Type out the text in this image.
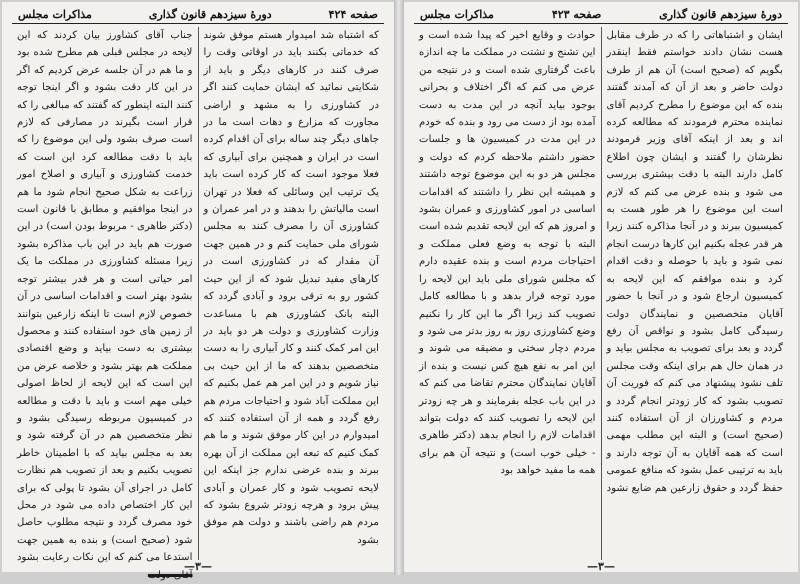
صفحه ۴۲۴
دورهٔ سیزدهم قانون گذاری
مذاکرات مجلس
که اشتباه شد امیدوار هستم موفق شوند که خدماتی بکنند باید در اوقاتی وقت را صرف کنند در کارهای دیگر و باید از شکایتی نمائید که ایشان حمایت کنند اگر در کشاورزی را به مشهد و اراضی مجاورت که مزارع و دهات است ما در جاهای دیگر چند ساله برای آن اقدام کرده است در ایران و همچنین برای آبیاری که فعلا موجود است که کار کرده است باید یک ترتیب این وسائلی که فعلا در تهران است مالیاتش را بدهند و در امر عمران و کشاورزی آن را مصرف کنند به مجلس شورای ملی حمایت کنم و در همین جهت آن مقدار که در کشاورزی است در کارهای مفید تبدیل شود که از این حیث کشور رو به ترقی برود و آبادی گردد که البته بانک کشاورزی هم با مساعدت وزارت کشاورزی و دولت هر دو باید در این امر کمک کنند و کار آبیاری را به دست متخصصین بدهند که ما از این حیث بی نیاز شویم و در این امر هم عمل بکنیم که این مملکت آباد شود و احتیاجات مردم هم رفع گردد و همه از آن استفاده کنند که امیدوارم در این کار موفق شوند و ما هم کمک کنیم که تبعه این مملکت از آن بهره ببرند و بنده عرضی ندارم جز اینکه این لایحه تصویب شود و کار عمران و آبادی پیش برود و هرچه زودتر شروع بشود که مردم هم راضی باشند و دولت هم موفق بشود
جناب آقای کشاورز بیان کردند که این لایحه در مجلس قبلی هم مطرح شده بود و ما هم در آن جلسه عرض کردیم که اگر در این کار دقت بشود و اگر اینجا توجه کنند البته اینطور که گفتند که مبالغی را که قرار است بگیرند در مصارفی که لازم است صرف بشود ولی این موضوع را که باید با دقت مطالعه کرد این است که خدمت کشاورزی و آبیاری و اصلاح امور زراعت به شکل صحیح انجام شود ما هم در اینجا موافقیم و مطابق با قانون است (دکتر طاهری - مربوط بودن است) در این صورت هم باید در این باب مذاکره بشود زیرا مسئله کشاورزی در مملکت ما یک امر حیاتی است و هر قدر بیشتر توجه بشود بهتر است و اقدامات اساسی در آن خصوص لازم است تا اینکه زارعین بتوانند از زمین های خود استفاده کنند و محصول بیشتری به دست بیاید و وضع اقتصادی مملکت هم بهتر بشود و خلاصه عرض من این است که این لایحه از لحاظ اصولی خیلی مهم است و باید با دقت و مطالعه در کمیسیون مربوطه رسیدگی بشود و نظر متخصصین هم در آن گرفته شود و بعد به مجلس بیاید که با اطمینان خاطر تصویب بکنیم و بعد از تصویب هم نظارت کامل در اجرای آن بشود تا پولی که برای این کار اختصاص داده می شود در محل خود مصرف گردد و نتیجه مطلوب حاصل شود (صحیح است) و بنده به همین جهت استدعا می کنم که این نکات رعایت بشود آقای دولت
—٣—
دورهٔ سیزدهم قانون گذاری
صفحه ۴۲۳
مذاکرات مجلس
ایشان و اشتباهاتی را که در طرف مقابل هست نشان دادند خواستم فقط اینقدر بگویم که (صحیح است) آن هم از طرف دولت حاضر و بعد از آن که آمدند گفتند بنده که این موضوع را مطرح کردیم آقای نماینده محترم فرمودند که مطالعه کرده اند و بعد از اینکه آقای وزیر فرمودند نظرشان را گفتند و ایشان چون اطلاع کامل دارند البته با دقت بیشتری بررسی می شود و بنده عرض می کنم که لازم است این موضوع را هر طور هست به کمیسیون ببرند و در آنجا مذاکره کنند زیرا هر قدر عجله بکنیم این کارها درست انجام نمی شود و باید با حوصله و دقت اقدام کرد و بنده موافقم که این لایحه به کمیسیون ارجاع شود و در آنجا با حضور آقایان متخصصین و نمایندگان دولت رسیدگی کامل بشود و نواقص آن رفع گردد و بعد برای تصویب به مجلس بیاید و در همان حال هم برای اینکه وقت مجلس تلف نشود پیشنهاد می کنم که فوریت آن تصویب بشود که کار زودتر انجام گردد و مردم و کشاورزان از آن استفاده کنند (صحیح است) و البته این مطلب مهمی است که همه آقایان به آن توجه دارند و باید به ترتیبی عمل بشود که منافع عمومی حفظ گردد و حقوق زارعین هم ضایع نشود
حوادث و وقایع اخیر که پیدا شده است و این تشنج و تشتت در مملکت ما چه اندازه باعث گرفتاری شده است و در نتیجه من عرض می کنم که اگر اختلاف و بحرانی بوجود بیاید آنچه در این مدت به دست آمده بود از دست می رود و بنده که خودم در این مدت در کمیسیون ها و جلسات حضور داشتم ملاحظه کردم که دولت و مجلس هر دو به این موضوع توجه داشتند و همیشه این نظر را داشتند که اقدامات اساسی در امور کشاورزی و عمران بشود و امروز هم که این لایحه تقدیم شده است البته با توجه به وضع فعلی مملکت و احتیاجات مردم است و بنده عقیده دارم که مجلس شورای ملی باید این لایحه را مورد توجه قرار بدهد و با مطالعه کامل تصویب کند زیرا اگر ما این کار را نکنیم وضع کشاورزی روز به روز بدتر می شود و مردم دچار سختی و مضیقه می شوند و این امر به نفع هیچ کس نیست و بنده از آقایان نمایندگان محترم تقاضا می کنم که در این باب عجله بفرمایند و هر چه زودتر این لایحه را تصویب کنند که دولت بتواند اقدامات لازم را انجام بدهد (دکتر طاهری - خیلی خوب است) و نتیجه آن هم برای همه ما مفید خواهد بود
—٣—
